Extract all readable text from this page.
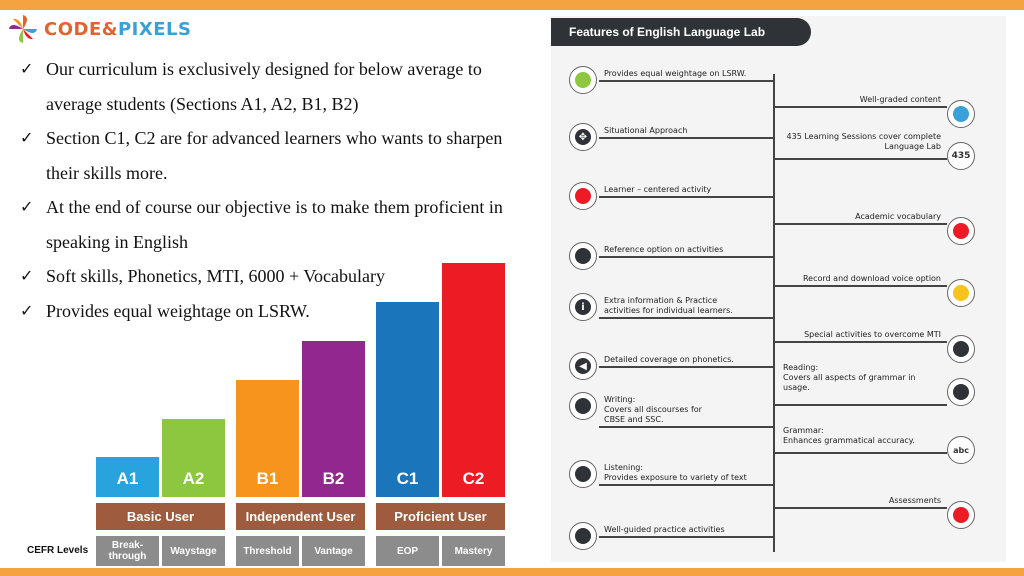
CODE&PIXELS
✓ Our curriculum is exclusively designed for below average to average students (Sections A1, A2, B1, B2)
✓ Section C1, C2 are for advanced learners who wants to sharpen their skills more.
✓ At the end of course our objective is to make them proficient in speaking in English
✓ Soft skills, Phonetics, MTI, 6000 + Vocabulary
✓ Provides equal weightage on LSRW.
A1	A2	B1	B2	C1	C2
Basic User	Independent User	Proficient User
Break-
through	Waystage	Threshold	Vantage	EOP	Mastery
CEFR Levels
Features of English Language Lab
Provides equal weightage on LSRW.
✥
Situational Approach
Learner – centered activity
Reference option on activities
i
Extra information & Practice
activities for individual learners.
◀
Detailed coverage on phonetics.
Writing:
Covers all discourses for
CBSE and SSC.
Listening:
Provides exposure to variety of text
Well-guided practice activities
Well-graded content
435
435 Learning Sessions cover complete
Language Lab
Academic vocabulary
Record and download voice option
Special activities to overcome MTI
Reading:
Covers all aspects of grammar in
usage.
abc
Grammar:
Enhances grammatical accuracy.
Assessments
